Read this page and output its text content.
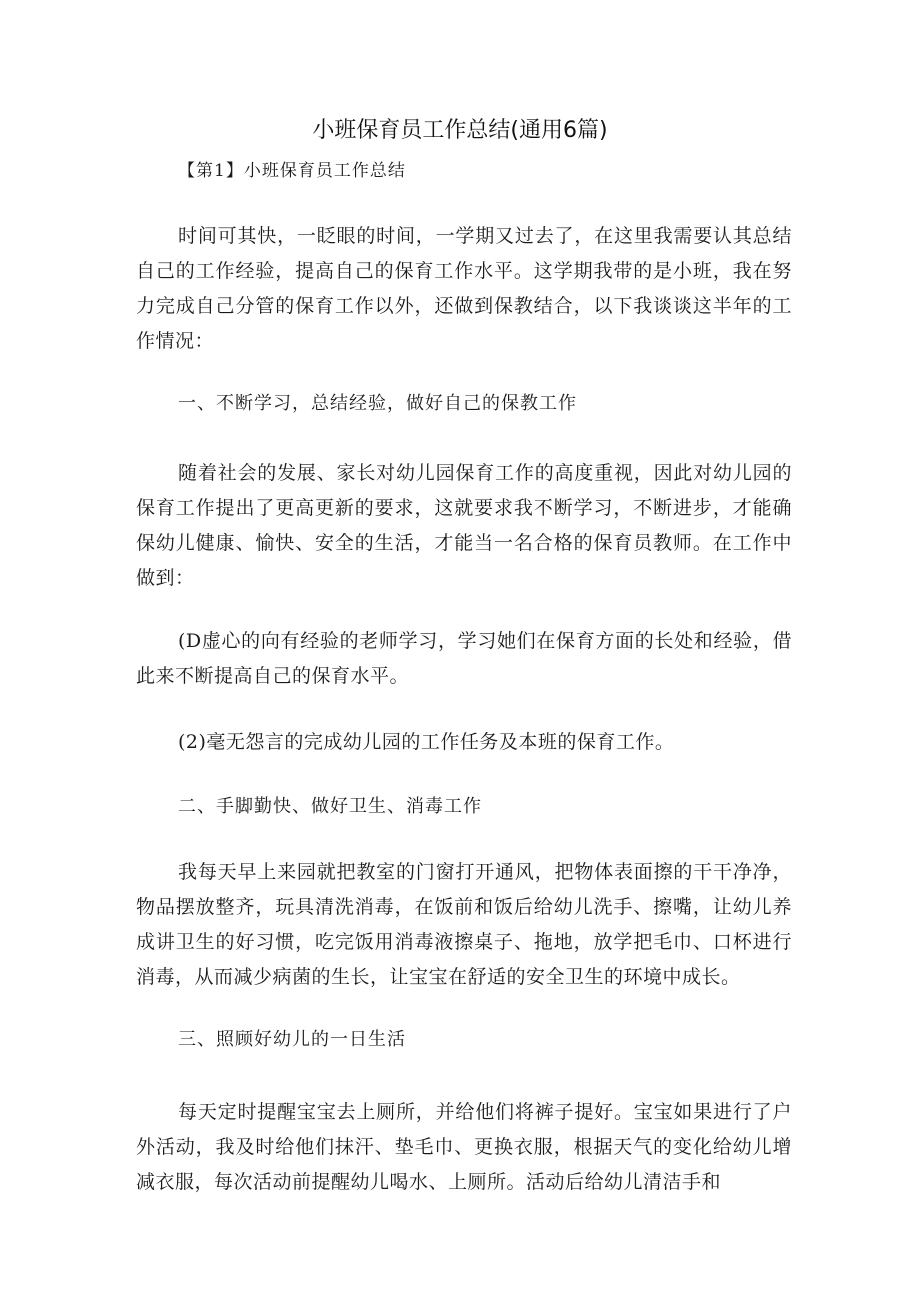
小班保育员工作总结(通用6篇)
【第1】小班保育员工作总结
时间可其快，一眨眼的时间，一学期又过去了，在这里我需要认其总结自己的工作经验，提高自己的保育工作水平。这学期我带的是小班，我在努力完成自己分管的保育工作以外，还做到保教结合，以下我谈谈这半年的工作情况：
一、不断学习，总结经验，做好自己的保教工作
随着社会的发展、家长对幼儿园保育工作的高度重视，因此对幼儿园的保育工作提出了更高更新的要求，这就要求我不断学习，不断进步，才能确保幼儿健康、愉快、安全的生活，才能当一名合格的保育员教师。在工作中做到：
(D虚心的向有经验的老师学习，学习她们在保育方面的长处和经验，借此来不断提高自己的保育水平。
(2)毫无怨言的完成幼儿园的工作任务及本班的保育工作。
二、手脚勤快、做好卫生、消毒工作
我每天早上来园就把教室的门窗打开通风，把物体表面擦的干干净净，物品摆放整齐，玩具清洗消毒，在饭前和饭后给幼儿洗手、擦嘴，让幼儿养成讲卫生的好习惯，吃完饭用消毒液擦桌子、拖地，放学把毛巾、口杯进行消毒，从而减少病菌的生长，让宝宝在舒适的安全卫生的环境中成长。
三、照顾好幼儿的一日生活
每天定时提醒宝宝去上厕所，并给他们将裤子提好。宝宝如果进行了户外活动，我及时给他们抹汗、垫毛巾、更换衣服，根据天气的变化给幼儿增减衣服，每次活动前提醒幼儿喝水、上厕所。活动后给幼儿清洁手和
